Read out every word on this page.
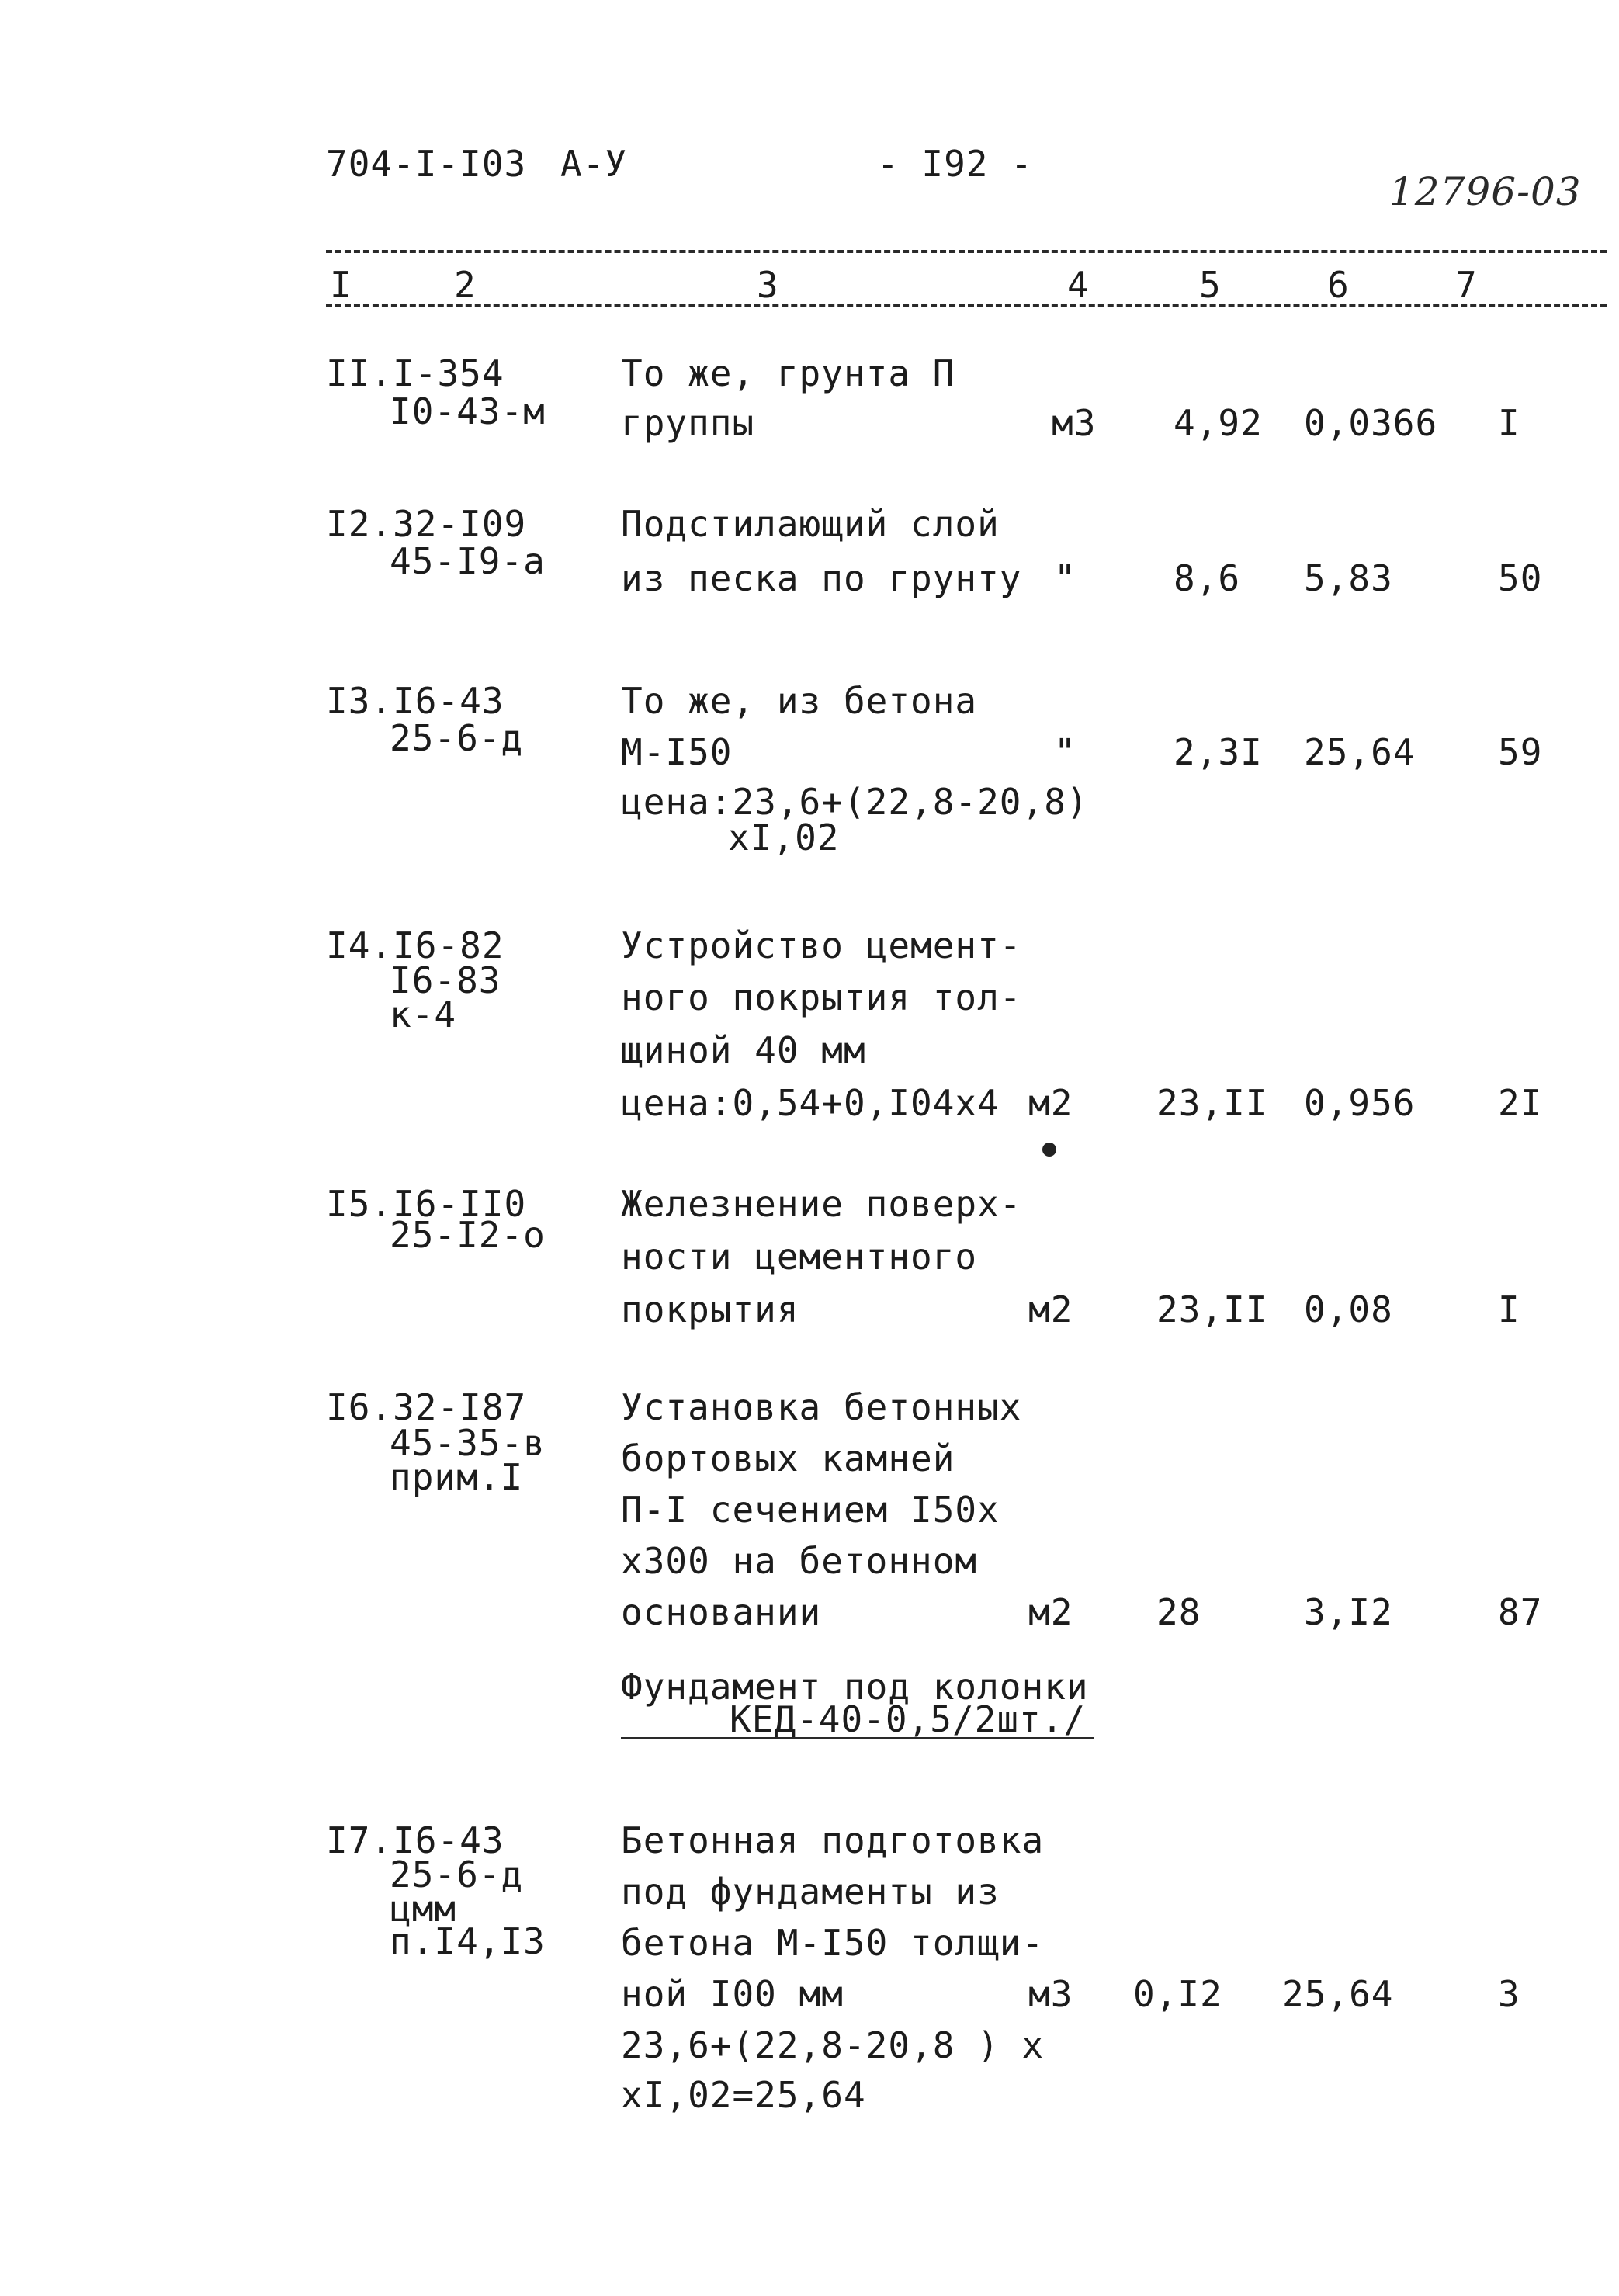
704-I-I03 А-У	- I92 -
12796-03
I	2	3	4	5	6	7
II.I-354
I0-43-м
То же, грунта П
группы	м3 4,92 0,0366 I
I2.32-I09
45-I9-а
Подстилающий слой
из песка по грунту "	8,6 5,83	50
I3.I6-43
25-6-д
То же, из бетона
М-I50
цена:23,6+(22,8-20,8)
xI,02
"	2,3I 25,64 59
I4.I6-82
I6-83
к-4
Устройство цемент-
ного покрытия тол-
щиной 40 мм
цена:0,54+0,I04x4 м2 23,II 0,956 2I
I5.I6-II0
25-I2-о
Железнение поверх-
ности цементного
покрытия	м2 23,II 0,08	I
I6.32-I87
45-35-в
прим.I
Установка бетонных
бортовых камней
П-I сечением I50х
х300 на бетонном
основании	м2 28	3,I2	87
Фундамент под колонки
КЕД-40-0,5/2шт./
I7.I6-43
25-6-д
цмм
п.I4,I3
Бетонная подготовка
под фундаменты из
бетона М-I50 толщи-
ной I00 мм
23,6+(22,8-20,8 ) х
хI,02=25,64
м3 0,I2 25,64	3
